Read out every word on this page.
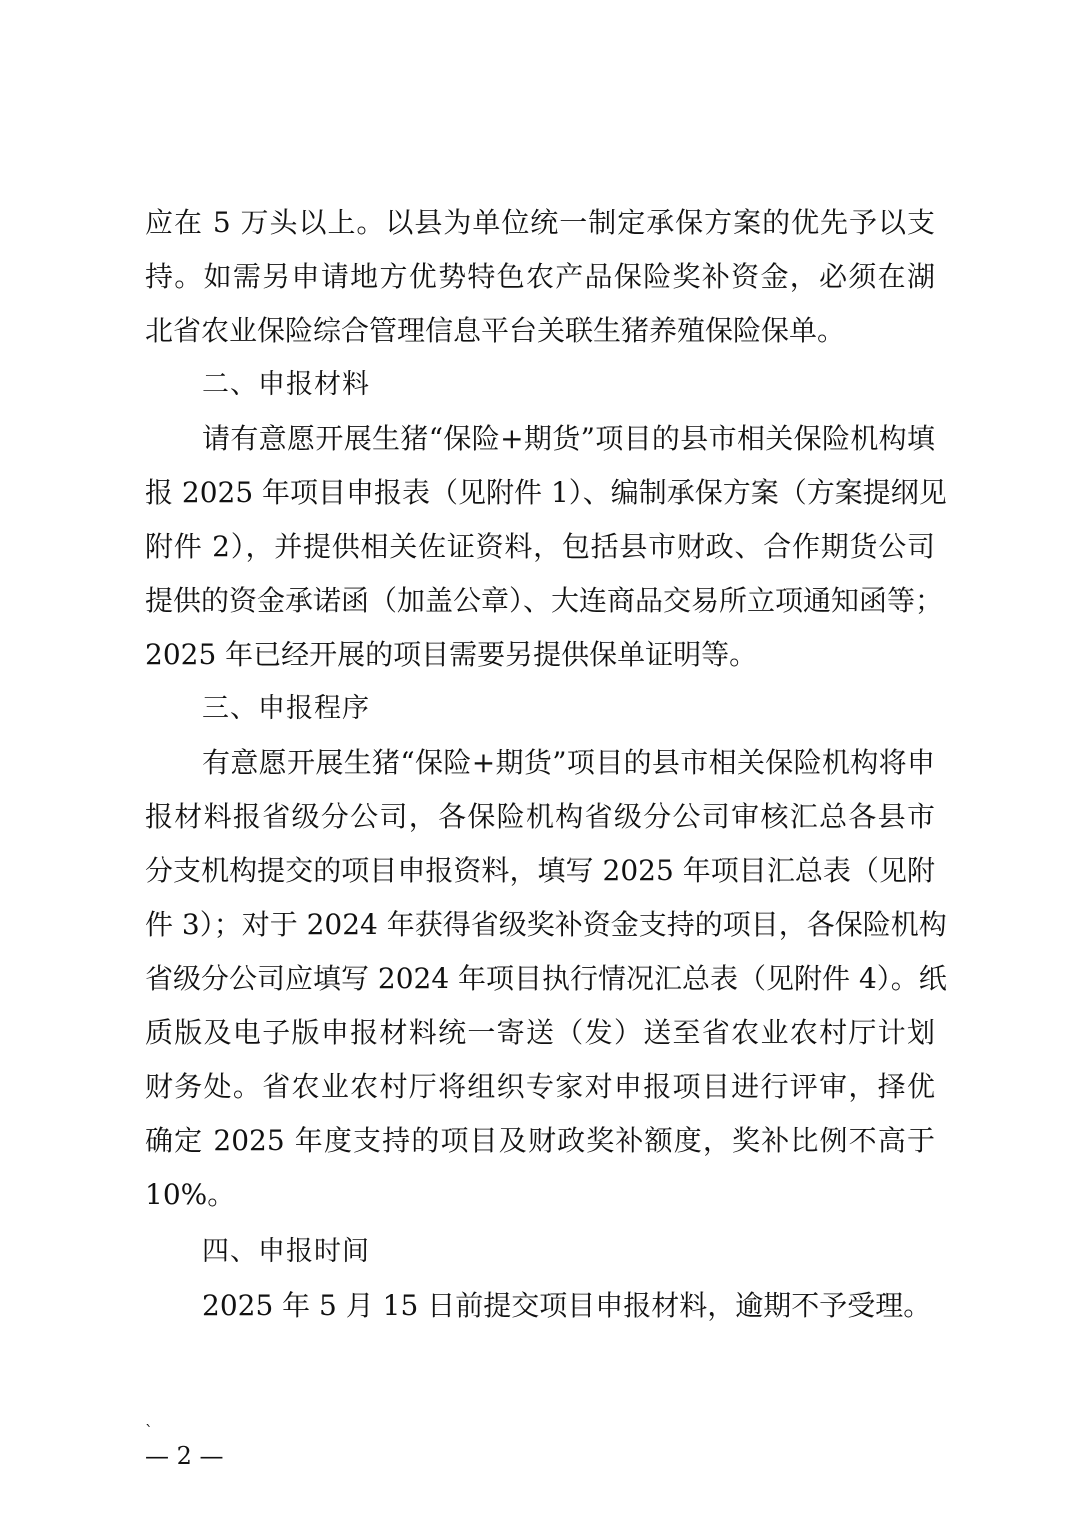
应在 5 万头以上。以县为单位统一制定承保方案的优先予以支
持。如需另申请地方优势特色农产品保险奖补资金，必须在湖
北省农业保险综合管理信息平台关联生猪养殖保险保单。
二、申报材料
请有意愿开展生猪“保险+期货”项目的县市相关保险机构填
报 2025 年项目申报表（见附件 1）、编制承保方案（方案提纲见
附件 2），并提供相关佐证资料，包括县市财政、合作期货公司
提供的资金承诺函（加盖公章）、大连商品交易所立项通知函等；
2025 年已经开展的项目需要另提供保单证明等。
三、申报程序
有意愿开展生猪“保险+期货”项目的县市相关保险机构将申
报材料报省级分公司，各保险机构省级分公司审核汇总各县市
分支机构提交的项目申报资料，填写 2025 年项目汇总表（见附
件 3）；对于 2024 年获得省级奖补资金支持的项目，各保险机构
省级分公司应填写 2024 年项目执行情况汇总表（见附件 4）。纸
质版及电子版申报材料统一寄送（发）送至省农业农村厅计划
财务处。省农业农村厅将组织专家对申报项目进行评审，择优
确定 2025 年度支持的项目及财政奖补额度，奖补比例不高于
10%。
四、申报时间
2025 年 5 月 15 日前提交项目申报材料，逾期不予受理。
`
— 2 —
